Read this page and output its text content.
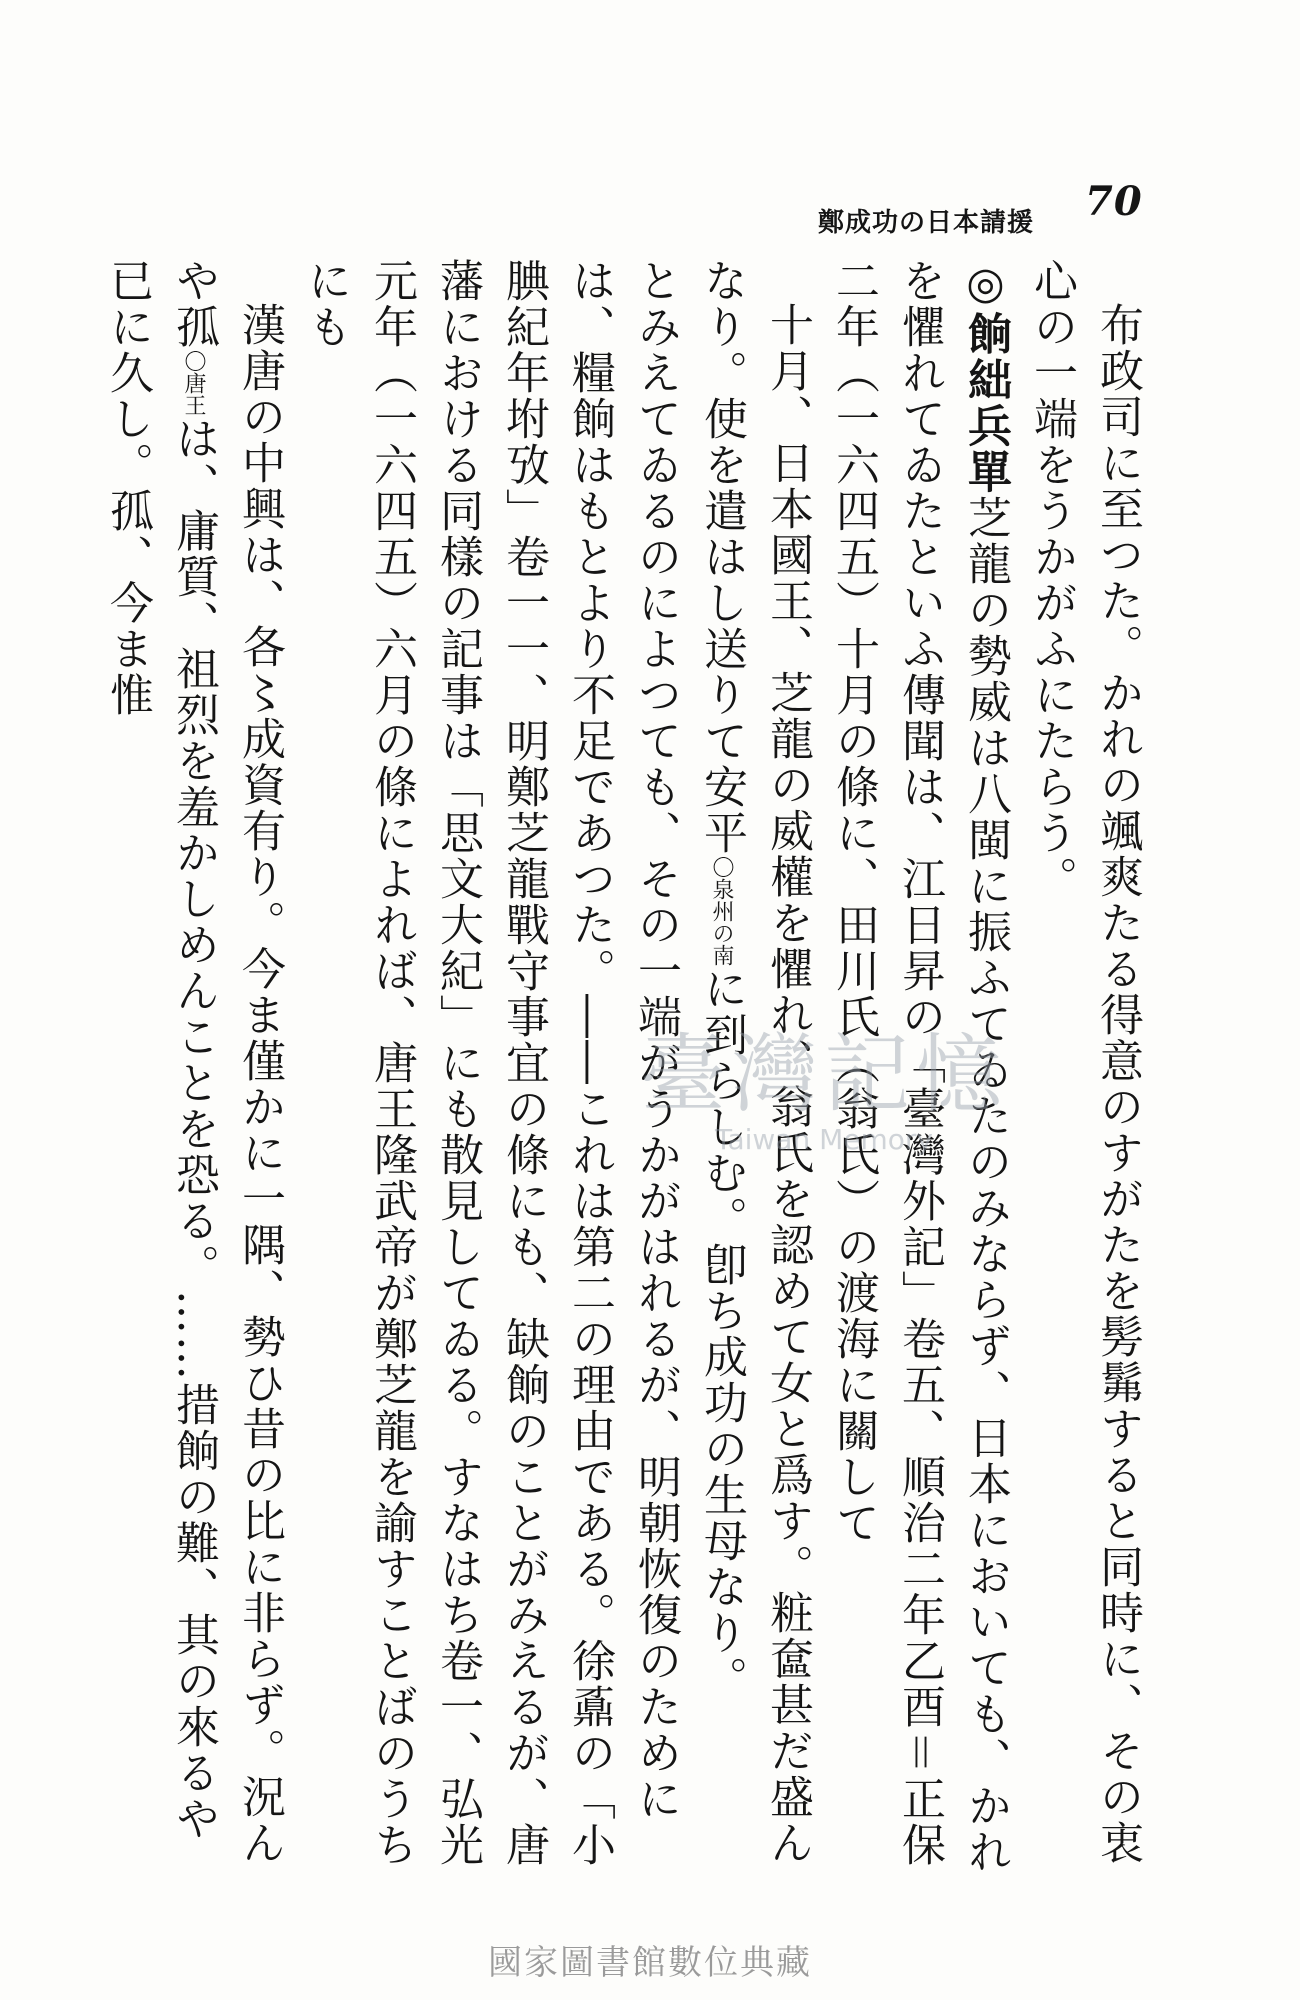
70
鄭成功の日本請援

布政司に至つた。かれの颯爽たる得意のすがたを髣髴すると同時に、その衷心の一端をうかがふにたらう。

◎餉絀兵單芝龍の勢威は八閩に振ふてゐたのみならず、日本においても、かれを懼れてゐたといふ傳聞は、江日昇の「臺灣外記」卷五、順治二年乙酉＝正保二年（一六四五）十月の條に、田川氏（翁氏）の渡海に關して

十月、日本國王、芝龍の威權を懼れ、翁氏を認めて女と爲す。粧奩甚だ盛んなり。使を遣はし送りて安平〇泉州の南に到らしむ。卽ち成功の生母なり。

とみえてゐるのによつても、その一端がうかがはれるが、明朝恢復のためには、糧餉はもとより不足であつた。――これは第二の理由である。徐鼒の「小腆紀年坿攷」卷一一、明鄭芝龍戰守事宜の條にも、缺餉のことがみえるが、唐藩における同樣の記事は「思文大紀」にも散見してゐる。すなはち卷一、弘光元年（一六四五）六月の條によれば、唐王隆武帝が鄭芝龍を諭すことばのうちにも

漢唐の中興は、各〻成資有り。今ま僅かに一隅、勢ひ昔の比に非らず。況んや孤〇唐王は、庸質、祖烈を羞かしめんことを恐る。……措餉の難、其の來るや已に久し。孤、今ま惟

臺灣記憶
Taiwan Memory
國家圖書館數位典藏
